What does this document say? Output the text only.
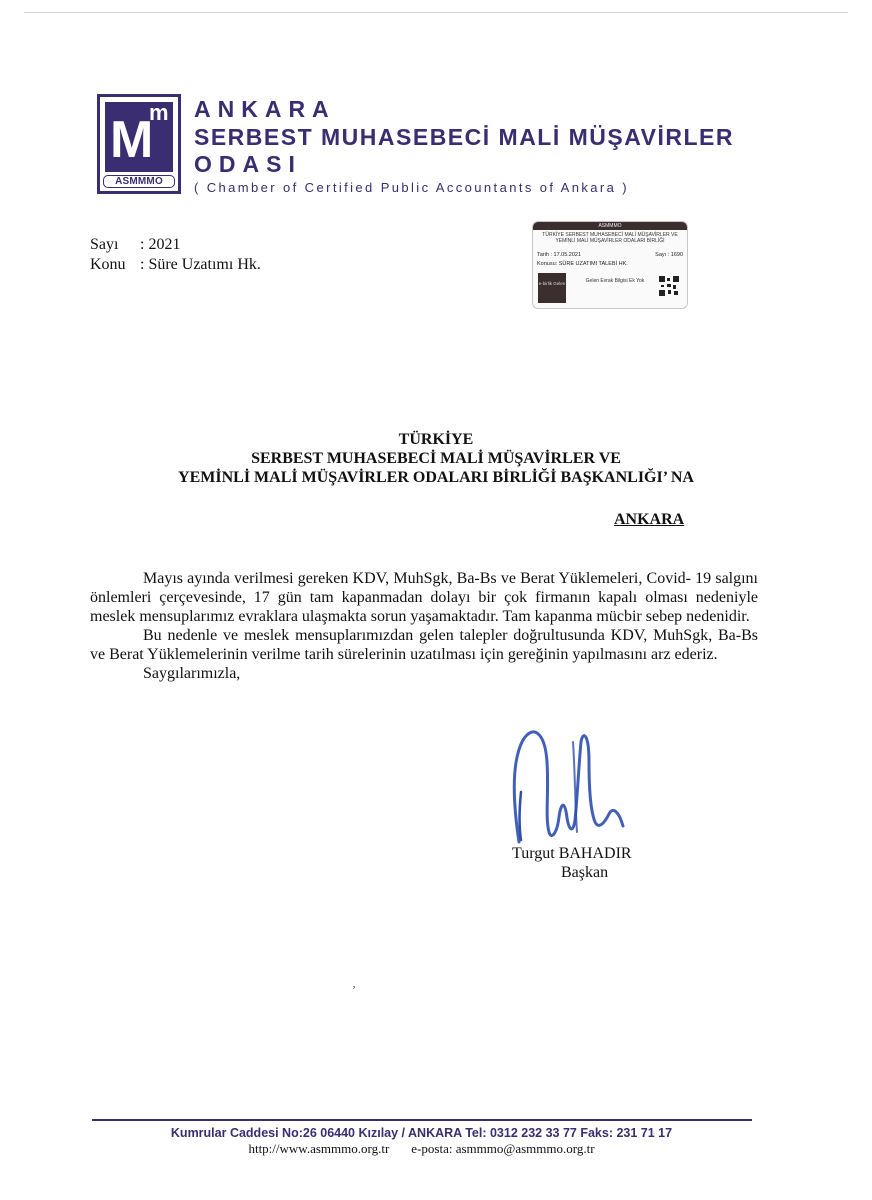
M
m
ASMMMO
ANKARA
SERBEST MUHASEBECİ MALİ MÜŞAVİRLER
ODASI
( Chamber of Certified Public Accountants of Ankara )
Sayı : 2021
Konu : Süre Uzatımı Hk.
ASMMMO
TÜRKİYE SERBEST MUHASEBECİ MALİ MÜŞAVİRLER VE YEMİNLİ MALİ MÜŞAVİRLER ODALARI BİRLİĞİ
Tarih : 17.05.2021	Sayı : 1690
Konusu: SÜRE UZATIMI TALEBİ HK.
e-birlik Gelen	Gelen Evrak Bilgisi Ek Yok
TÜRKİYE
SERBEST MUHASEBECİ MALİ MÜŞAVİRLER VE
YEMİNLİ MALİ MÜŞAVİRLER ODALARI BİRLİĞİ BAŞKANLIĞI’ NA
ANKARA

Mayıs ayında verilmesi gereken KDV, MuhSgk, Ba-Bs ve Berat Yüklemeleri, Covid- 19 salgını önlemleri çerçevesinde, 17 gün tam kapanmadan dolayı bir çok firmanın kapalı olması nedeniyle meslek mensuplarımız evraklara ulaşmakta sorun yaşamaktadır. Tam kapanma mücbir sebep nedenidir.

Bu nedenle ve meslek mensuplarımızdan gelen talepler doğrultusunda KDV, MuhSgk, Ba-Bs ve Berat Yüklemelerinin verilme tarih sürelerinin uzatılması için gereğinin yapılmasını arz ederiz.

Saygılarımızla,

Turgut BAHADIR
Başkan
ʼ
Kumrular Caddesi No:26 06440 Kızılay / ANKARA Tel: 0312 232 33 77 Faks: 231 71 17
http://www.asmmmo.org.tr e-posta: asmmmo@asmmmo.org.tr
